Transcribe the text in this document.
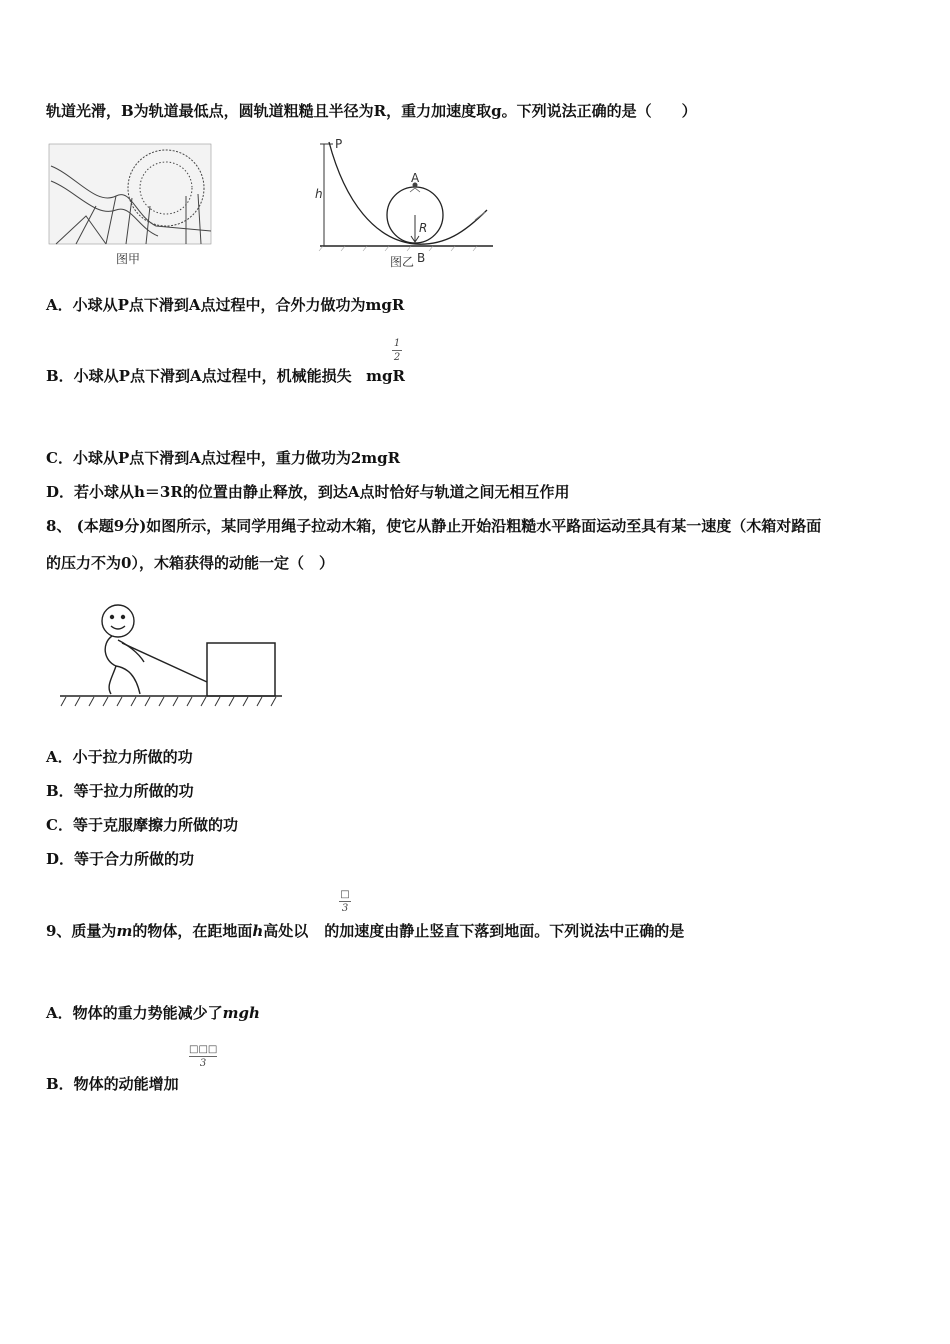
轨道光滑，B为轨道最低点，圆轨道粗糙且半径为R，重力加速度取g。下列说法正确的是（　　）
图甲
P
h
A
R
图乙 B
A．小球从P点下滑到A点过程中，合外力做功为mgR
1
2
B．小球从P点下滑到A点过程中，机械能损失 mgR
C．小球从P点下滑到A点过程中，重力做功为2mgR
D．若小球从h＝3R的位置由静止释放，到达A点时恰好与轨道之间无相互作用
8、 (本题9分)如图所示，某同学用绳子拉动木箱，使它从静止开始沿粗糙水平路面运动至具有某一速度（木箱对路面
的压力不为0），木箱获得的动能一定（　）
A．小于拉力所做的功
B．等于拉力所做的功
C．等于克服摩擦力所做的功
D．等于合力所做的功
□
3
9、质量为m的物体，在距地面h高处以 的加速度由静止竖直下落到地面。下列说法中正确的是
A．物体的重力势能减少了mgh
□□□
3
B．物体的动能增加
